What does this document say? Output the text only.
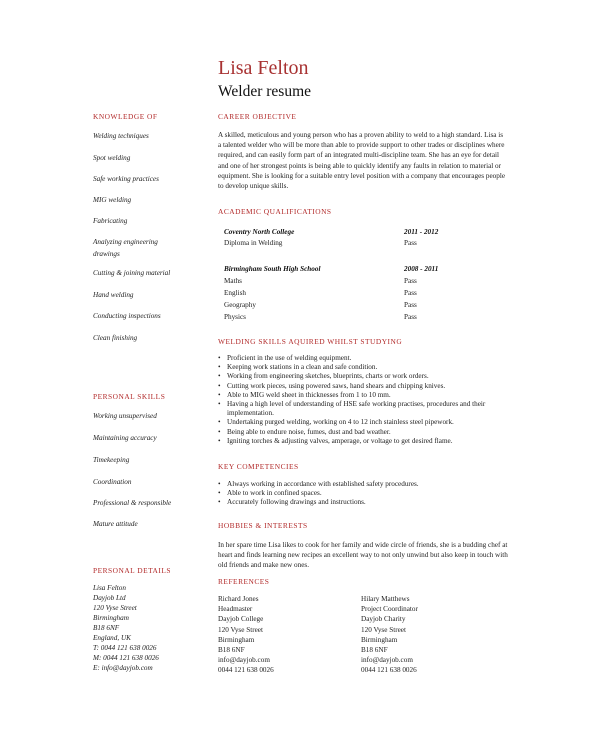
Lisa Felton
Welder resume
KNOWLEDGE OF
Welding techniques
Spot welding
Safe working practices
MIG welding
Fabricating
Analyzing engineering drawings
Cutting & joining material
Hand welding
Conducting inspections
Clean finishing
PERSONAL SKILLS
Working unsupervised
Maintaining accuracy
Timekeeping
Coordination
Professional & responsible
Mature attitude
PERSONAL DETAILS
Lisa Felton
Dayjob Ltd
120 Vyse Street
Birmingham
B18 6NF
England, UK
T: 0044 121 638 0026
M: 0044 121 638 0026
E: info@dayjob.com
CAREER OBJECTIVE

A skilled, meticulous and young person who has a proven ability to weld to a high standard. Lisa is a talented welder who will be more than able to provide support to other trades or disciplines where required, and can easily form part of an integrated multi-discipline team. She has an eye for detail and one of her strongest points is being able to quickly identify any faults in relation to material or equipment. She is looking for a suitable entry level position with a company that encourages people to develop unique skills.

ACADEMIC QUALIFICATIONS
Coventry North College	2011 - 2012
Diploma in Welding	Pass
Birmingham South High School	2008 - 2011
Maths	Pass
English	Pass
Geography	Pass
Physics	Pass
WELDING SKILLS AQUIRED WHILST STUDYING
• Proficient in the use of welding equipment.
• Keeping work stations in a clean and safe condition.
• Working from engineering sketches, blueprints, charts or work orders.
• Cutting work pieces, using powered saws, hand shears and chipping knives.
• Able to MIG weld sheet in thicknesses from 1 to 10 mm.
• Having a high level of understanding of HSE safe working practises, procedures and their implementation.
• Undertaking purged welding, working on 4 to 12 inch stainless steel pipework.
• Being able to endure noise, fumes, dust and bad weather.
• Igniting torches & adjusting valves, amperage, or voltage to get desired flame.
KEY COMPETENCIES
• Always working in accordance with established safety procedures.
• Able to work in confined spaces.
• Accurately following drawings and instructions.
HOBBIES & INTERESTS

In her spare time Lisa likes to cook for her family and wide circle of friends, she is a budding chef at heart and finds learning new recipes an excellent way to not only unwind but also keep in touch with old friends and make new ones.

REFERENCES
Richard Jones
Headmaster
Dayjob College
120 Vyse Street
Birmingham
B18 6NF
info@dayjob.com
0044 121 638 0026
Hilary Matthews
Project Coordinator
Dayjob Charity
120 Vyse Street
Birmingham
B18 6NF
info@dayjob.com
0044 121 638 0026
